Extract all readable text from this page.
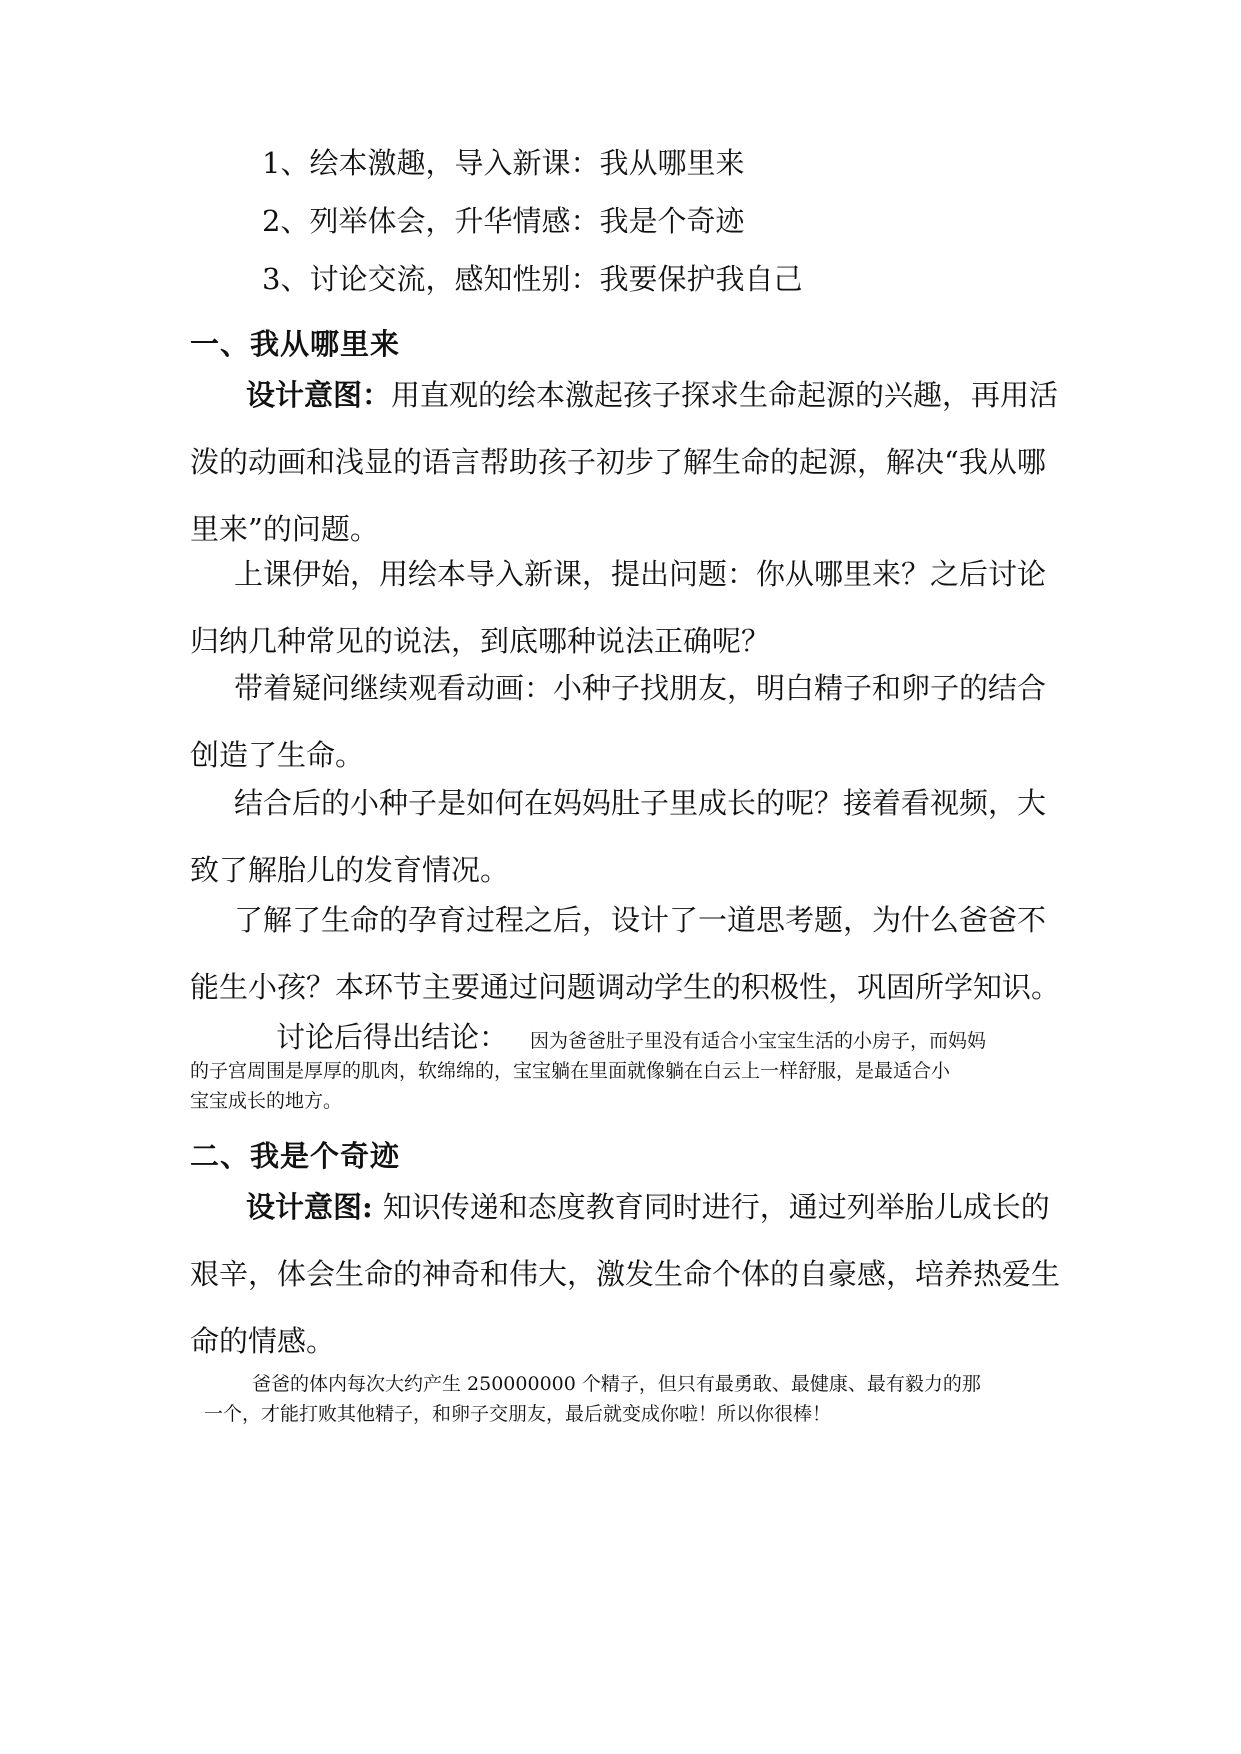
1、绘本激趣，导入新课：我从哪里来

2、列举体会，升华情感：我是个奇迹

3、讨论交流，感知性别：我要保护我自己

一、我从哪里来

设计意图：用直观的绘本激起孩子探求生命起源的兴趣，再用活
泼的动画和浅显的语言帮助孩子初步了解生命的起源，解决“我从哪
里来”的问题。
上课伊始，用绘本导入新课，提出问题：你从哪里来？之后讨论
归纳几种常见的说法，到底哪种说法正确呢？
带着疑问继续观看动画：小种子找朋友，明白精子和卵子的结合
创造了生命。
结合后的小种子是如何在妈妈肚子里成长的呢？接着看视频，大
致了解胎儿的发育情况。
了解了生命的孕育过程之后，设计了一道思考题，为什么爸爸不
能生小孩？本环节主要通过问题调动学生的积极性，巩固所学知识。
讨论后得出结论： 因为爸爸肚子里没有适合小宝宝生活的小房子，而妈妈
的子宫周围是厚厚的肌肉，软绵绵的，宝宝躺在里面就像躺在白云上一样舒服，是最适合小
宝宝成长的地方。

二、我是个奇迹

设计意图: 知识传递和态度教育同时进行，通过列举胎儿成长的
艰辛，体会生命的神奇和伟大，激发生命个体的自豪感，培养热爱生
命的情感。
爸爸的体内每次大约产生 250000000 个精子，但只有最勇敢、最健康、最有毅力的那
一个，才能打败其他精子，和卵子交朋友，最后就变成你啦！所以你很棒！
